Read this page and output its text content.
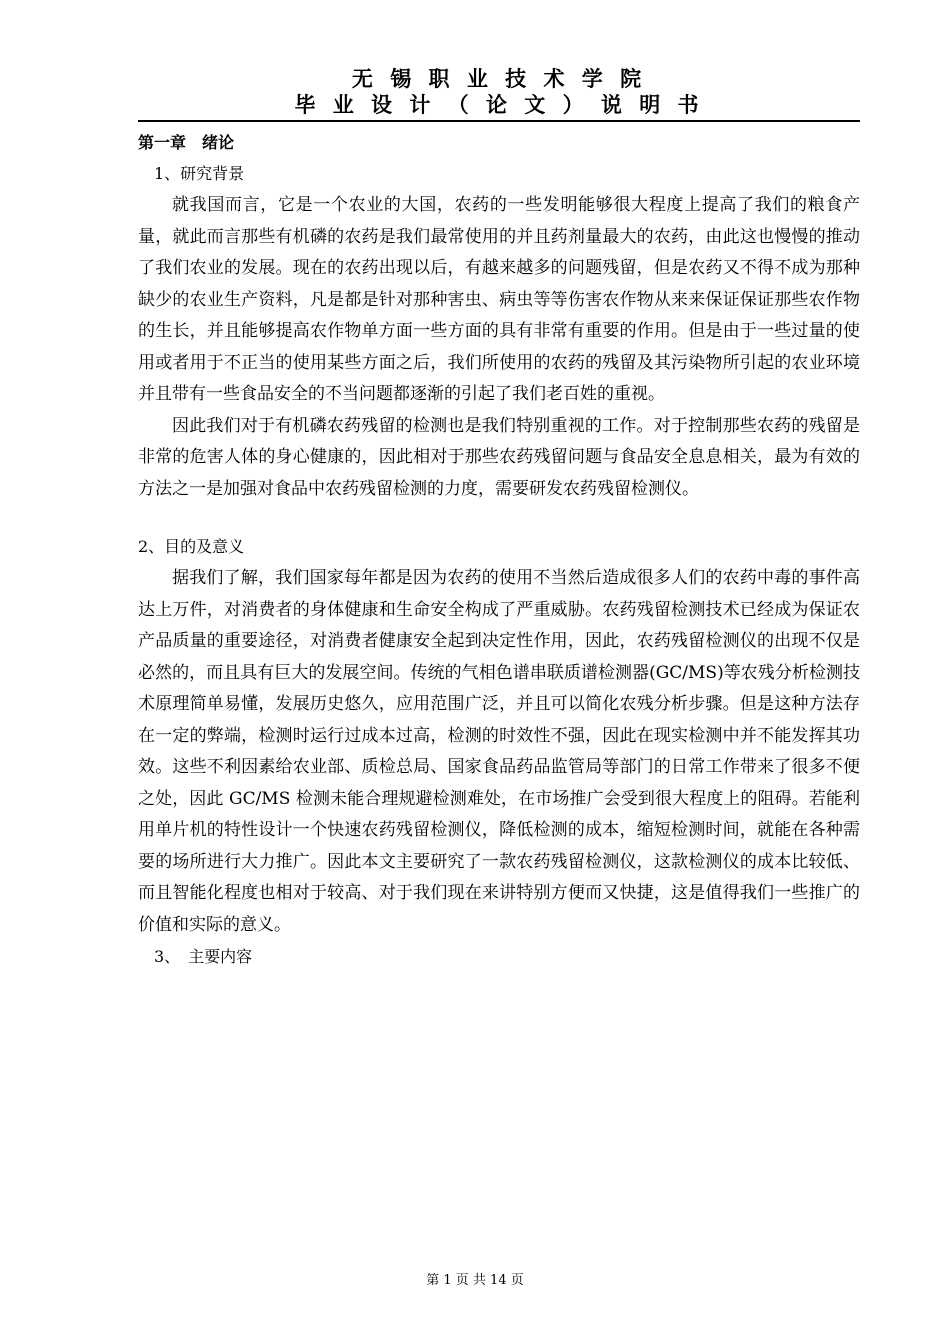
无 锡 职 业 技 术 学 院
毕 业 设 计 （ 论 文 ） 说 明 书

第一章　绪论

1、研究背景

就我国而言，它是一个农业的大国，农药的一些发明能够很大程度上提高了我们的粮食产量，就此而言那些有机磷的农药是我们最常使用的并且药剂量最大的农药，由此这也慢慢的推动了我们农业的发展。现在的农药出现以后，有越来越多的问题残留，但是农药又不得不成为那种缺少的农业生产资料，凡是都是针对那种害虫、病虫等等伤害农作物从来来保证保证那些农作物的生长，并且能够提高农作物单方面一些方面的具有非常有重要的作用。但是由于一些过量的使用或者用于不正当的使用某些方面之后，我们所使用的农药的残留及其污染物所引起的农业环境并且带有一些食品安全的不当问题都逐渐的引起了我们老百姓的重视。

因此我们对于有机磷农药残留的检测也是我们特别重视的工作。对于控制那些农药的残留是非常的危害人体的身心健康的，因此相对于那些农药残留问题与食品安全息息相关，最为有效的方法之一是加强对食品中农药残留检测的力度，需要研发农药残留检测仪。

2、目的及意义

据我们了解，我们国家每年都是因为农药的使用不当然后造成很多人们的农药中毒的事件高达上万件，对消费者的身体健康和生命安全构成了严重威胁。农药残留检测技术已经成为保证农产品质量的重要途径，对消费者健康安全起到决定性作用，因此，农药残留检测仪的出现不仅是必然的，而且具有巨大的发展空间。传统的气相色谱串联质谱检测器(GC/MS)等农残分析检测技术原理简单易懂，发展历史悠久，应用范围广泛，并且可以简化农残分析步骤。但是这种方法存在一定的弊端，检测时运行过成本过高，检测的时效性不强，因此在现实检测中并不能发挥其功效。这些不利因素给农业部、质检总局、国家食品药品监管局等部门的日常工作带来了很多不便之处，因此 GC/MS 检测未能合理规避检测难处，在市场推广会受到很大程度上的阻碍。若能利用单片机的特性设计一个快速农药残留检测仪，降低检测的成本，缩短检测时间，就能在各种需要的场所进行大力推广。因此本文主要研究了一款农药残留检测仪，这款检测仪的成本比较低、而且智能化程度也相对于较高、对于我们现在来讲特别方便而又快捷，这是值得我们一些推广的价值和实际的意义。

3、　主要内容

第 1 页 共 14 页
